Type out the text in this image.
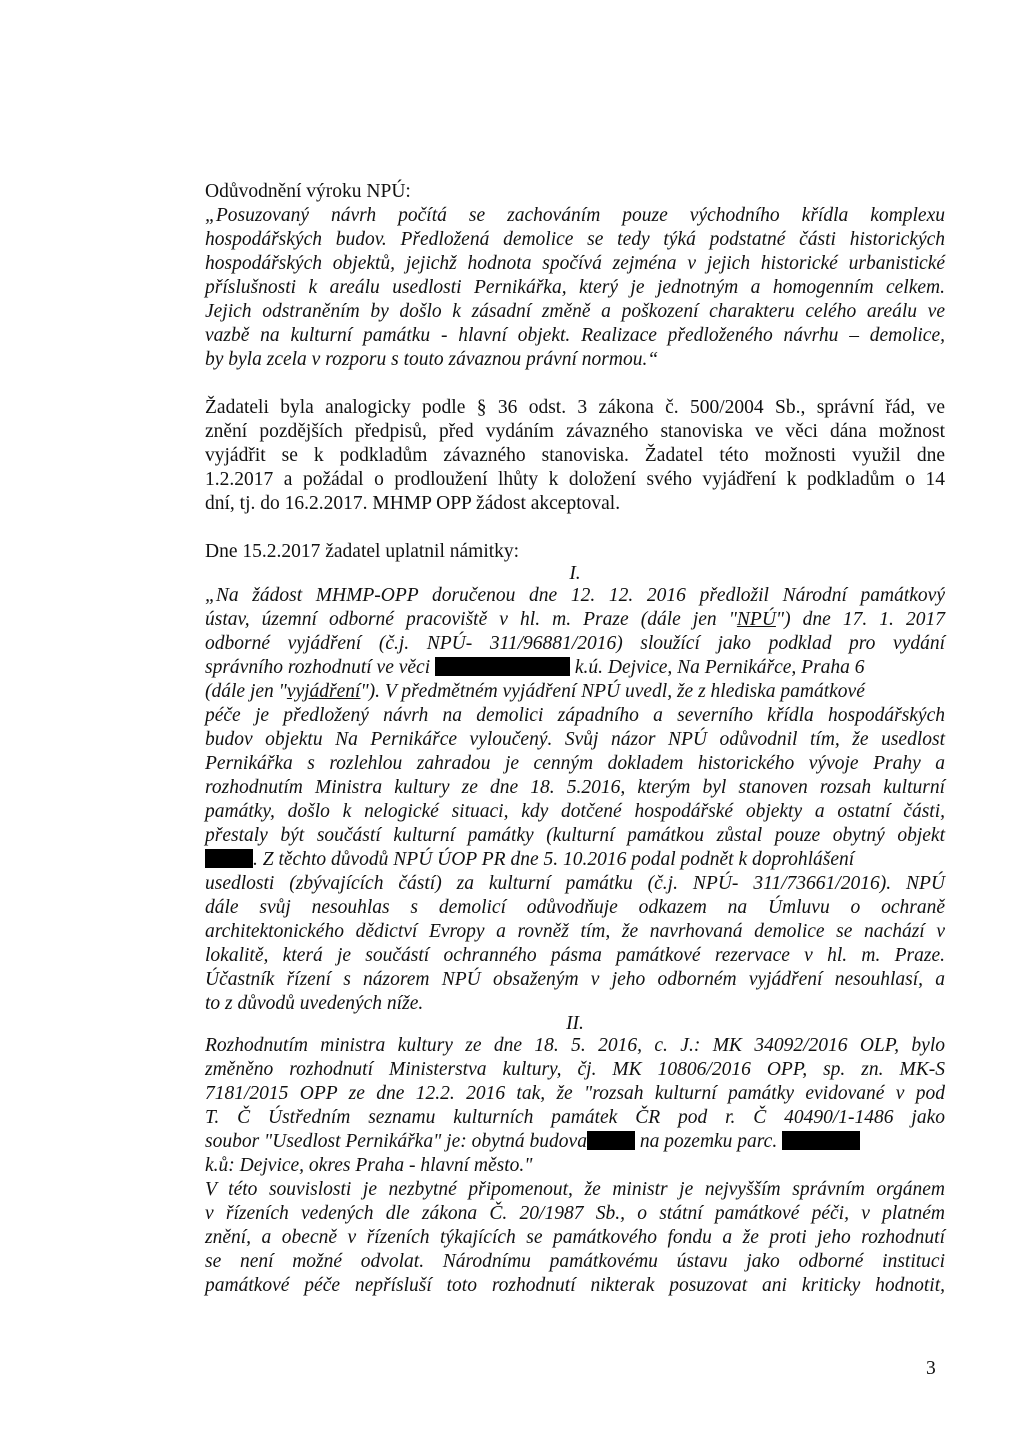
Odůvodnění výroku NPÚ:
„Posuzovaný návrh počítá se zachováním pouze východního křídla komplexu
hospodářských budov. Předložená demolice se tedy týká podstatné části historických
hospodářských objektů, jejichž hodnota spočívá zejména v jejich historické urbanistické
příslušnosti k areálu usedlosti Pernikářka, který je jednotným a homogenním celkem.
Jejich odstraněním by došlo k zásadní změně a poškození charakteru celého areálu ve
vazbě na kulturní památku - hlavní objekt. Realizace předloženého návrhu – demolice,
by byla zcela v rozporu s touto závaznou právní normou.“
Žadateli byla analogicky podle § 36 odst. 3 zákona č. 500/2004 Sb., správní řád, ve
znění pozdějších předpisů, před vydáním závazného stanoviska ve věci dána možnost
vyjádřit se k podkladům závazného stanoviska. Žadatel této možnosti využil dne
1.2.2017 a požádal o prodloužení lhůty k doložení svého vyjádření k podkladům o 14
dní, tj. do 16.2.2017. MHMP OPP žádost akceptoval.
Dne 15.2.2017 žadatel uplatnil námitky:
I.
„Na žádost MHMP-OPP doručenou dne 12. 12. 2016 předložil Národní památkový
ústav, územní odborné pracoviště v hl. m. Praze (dále jen "NPÚ") dne 17. 1. 2017
odborné vyjádření (č.j. NPÚ- 311/96881/2016) sloužící jako podklad pro vydání
správního rozhodnutí ve věci	k.ú. Dejvice, Na Pernikářce, Praha 6
(dále jen "vyjádření"). V předmětném vyjádření NPÚ uvedl, že z hlediska památkové
péče je předložený návrh na demolici západního a severního křídla hospodářských
budov objektu Na Pernikářce vyloučený. Svůj názor NPÚ odůvodnil tím, že usedlost
Pernikářka s rozlehlou zahradou je cenným dokladem historického vývoje Prahy a
rozhodnutím Ministra kultury ze dne 18. 5.2016, kterým byl stanoven rozsah kulturní
památky, došlo k nelogické situaci, kdy dotčené hospodářské objekty a ostatní části,
přestaly být součástí kulturní památky (kulturní památkou zůstal pouze obytný objekt
. Z těchto důvodů NPÚ ÚOP PR dne 5. 10.2016 podal podnět k doprohlášení
usedlosti (zbývajících částí) za kulturní památku (č.j. NPÚ- 311/73661/2016). NPÚ
dále svůj nesouhlas s demolicí odůvodňuje odkazem na Úmluvu o ochraně
architektonického dědictví Evropy a rovněž tím, že navrhovaná demolice se nachází v
lokalitě, která je součástí ochranného pásma památkové rezervace v hl. m. Praze.
Účastník řízení s názorem NPÚ obsaženým v jeho odborném vyjádření nesouhlasí, a
to z důvodů uvedených níže.
II.
Rozhodnutím ministra kultury ze dne 18. 5. 2016, c. J.: MK 34092/2016 OLP, bylo
změněno rozhodnutí Ministerstva kultury, čj. MK 10806/2016 OPP, sp. zn. MK-S
7181/2015 OPP ze dne 12.2. 2016 tak, že "rozsah kulturní památky evidované v pod
T. Č Ústředním seznamu kulturních památek ČR pod r. Č 40490/1-1486 jako
soubor "Usedlost Pernikářka" je: obytná budova	na pozemku parc.
k.ů: Dejvice, okres Praha - hlavní město."
V této souvislosti je nezbytné připomenout, že ministr je nejvyšším správním orgánem
v řízeních vedených dle zákona Č. 20/1987 Sb., o státní památkové péči, v platném
znění, a obecně v řízeních týkajících se památkového fondu a že proti jeho rozhodnutí
se není možné odvolat. Národnímu památkovému ústavu jako odborné instituci
památkové péče nepřísluší toto rozhodnutí nikterak posuzovat ani kriticky hodnotit,
3
